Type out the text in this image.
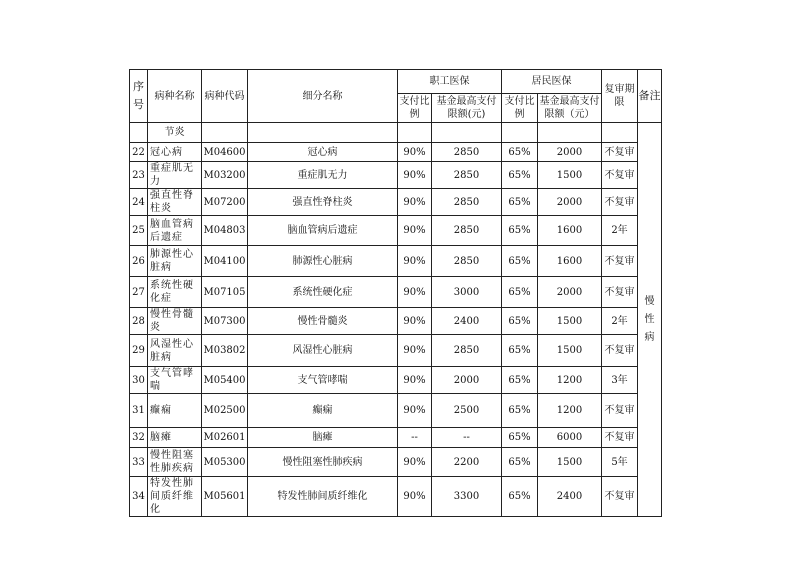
序号	病种名称	病种代码	细分名称	职工医保		居民医保		复审期限	备注
				支付比例	基金最高支付限额(元)	支付比例	基金最高支付限额（元）		
	节炎								慢性病
22	冠心病	M04600	冠心病	90%	2850	65%	2000	不复审	
23	重症肌无力	M03200	重症肌无力	90%	2850	65%	1500	不复审	
24	强直性脊柱炎	M07200	强直性脊柱炎	90%	2850	65%	2000	不复审	
25	脑血管病后遗症	M04803	脑血管病后遗症	90%	2850	65%	1600	2年	
26	肺源性心脏病	M04100	肺源性心脏病	90%	2850	65%	1600	不复审	
27	系统性硬化症	M07105	系统性硬化症	90%	3000	65%	2000	不复审	
28	慢性骨髓炎	M07300	慢性骨髓炎	90%	2400	65%	1500	2年	
29	风湿性心脏病	M03802	风湿性心脏病	90%	2850	65%	1500	不复审	
30	支气管哮喘	M05400	支气管哮喘	90%	2000	65%	1200	3年	
31	癫痫	M02500	癫痫	90%	2500	65%	1200	不复审	
32	脑瘫	M02601	脑瘫	--	--	65%	6000	不复审	
33	慢性阻塞性肺疾病	M05300	慢性阻塞性肺疾病	90%	2200	65%	1500	5年	
34	特发性肺间质纤维化	M05601	特发性肺间质纤维化	90%	3300	65%	2400	不复审	
